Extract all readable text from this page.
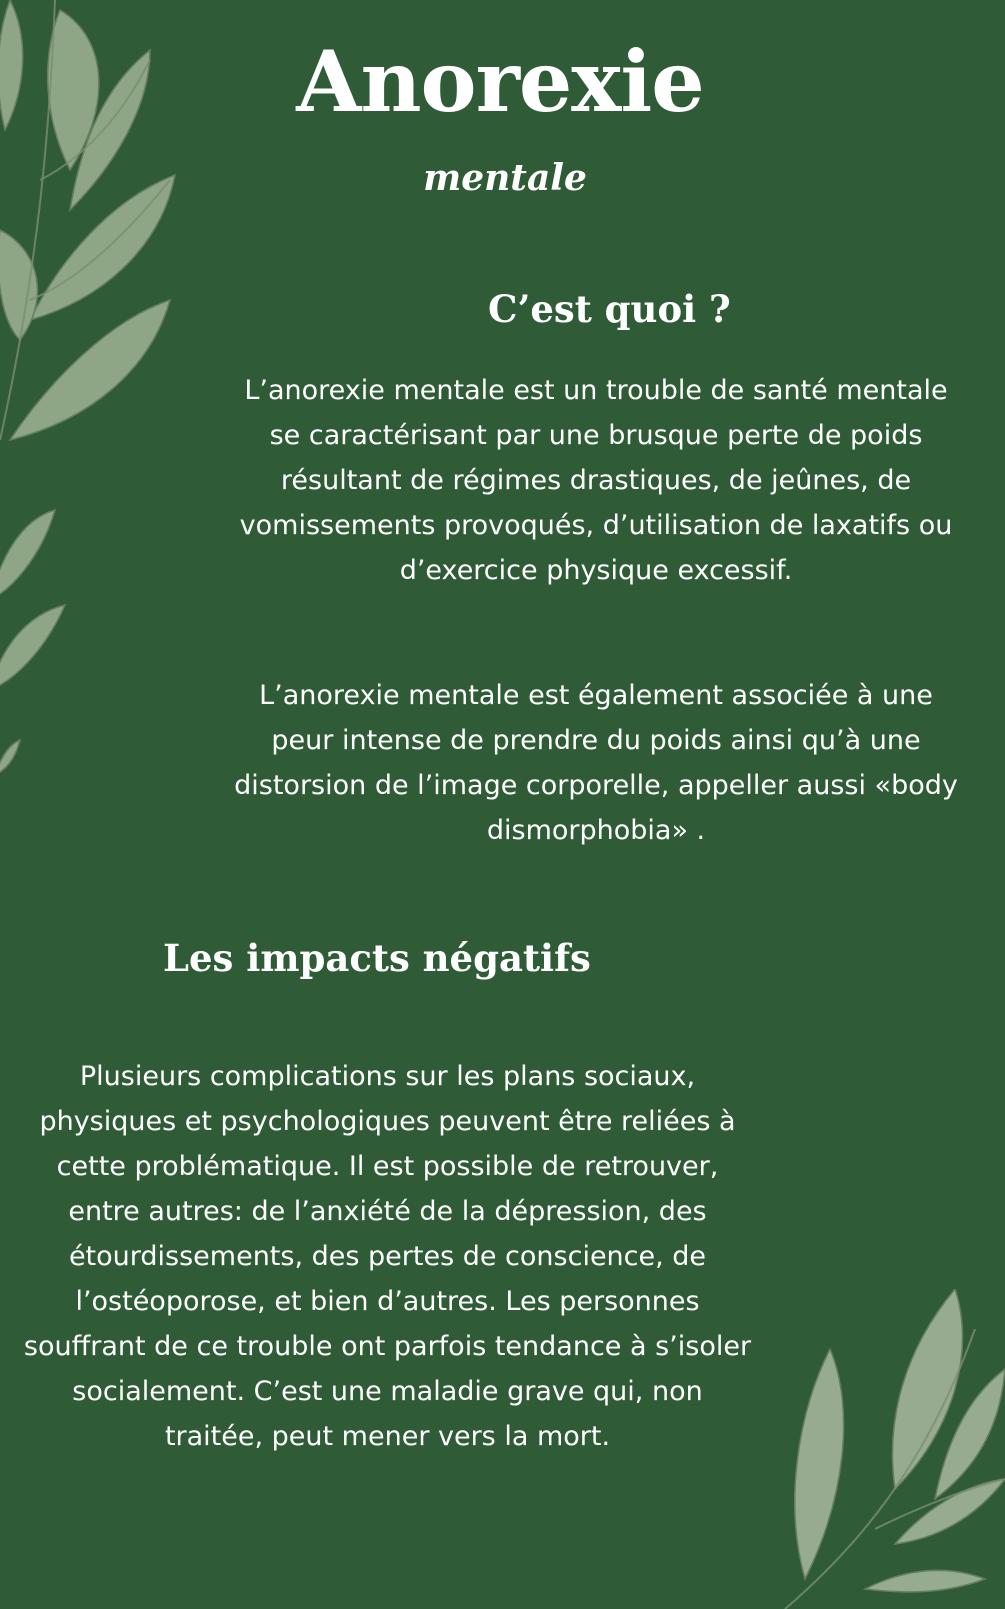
Anorexie
mentale
C’est quoi ?

L’anorexie mentale est un trouble de santé mentale se caractérisant par une brusque perte de poids résultant de régimes drastiques, de jeûnes, de vomissements provoqués, d’utilisation de laxatifs ou d’exercice physique excessif.

L’anorexie mentale est également associée à une peur intense de prendre du poids ainsi qu’à une distorsion de l’image corporelle, appeller aussi «body dismorphobia» .

Les impacts négatifs

Plusieurs complications sur les plans sociaux, physiques et psychologiques peuvent être reliées à cette problématique. Il est possible de retrouver, entre autres: de l’anxiété de la dépression, des étourdissements, des pertes de conscience, de l’ostéoporose, et bien d’autres. Les personnes souffrant de ce trouble ont parfois tendance à s’isoler socialement. C’est une maladie grave qui, non traitée, peut mener vers la mort.
